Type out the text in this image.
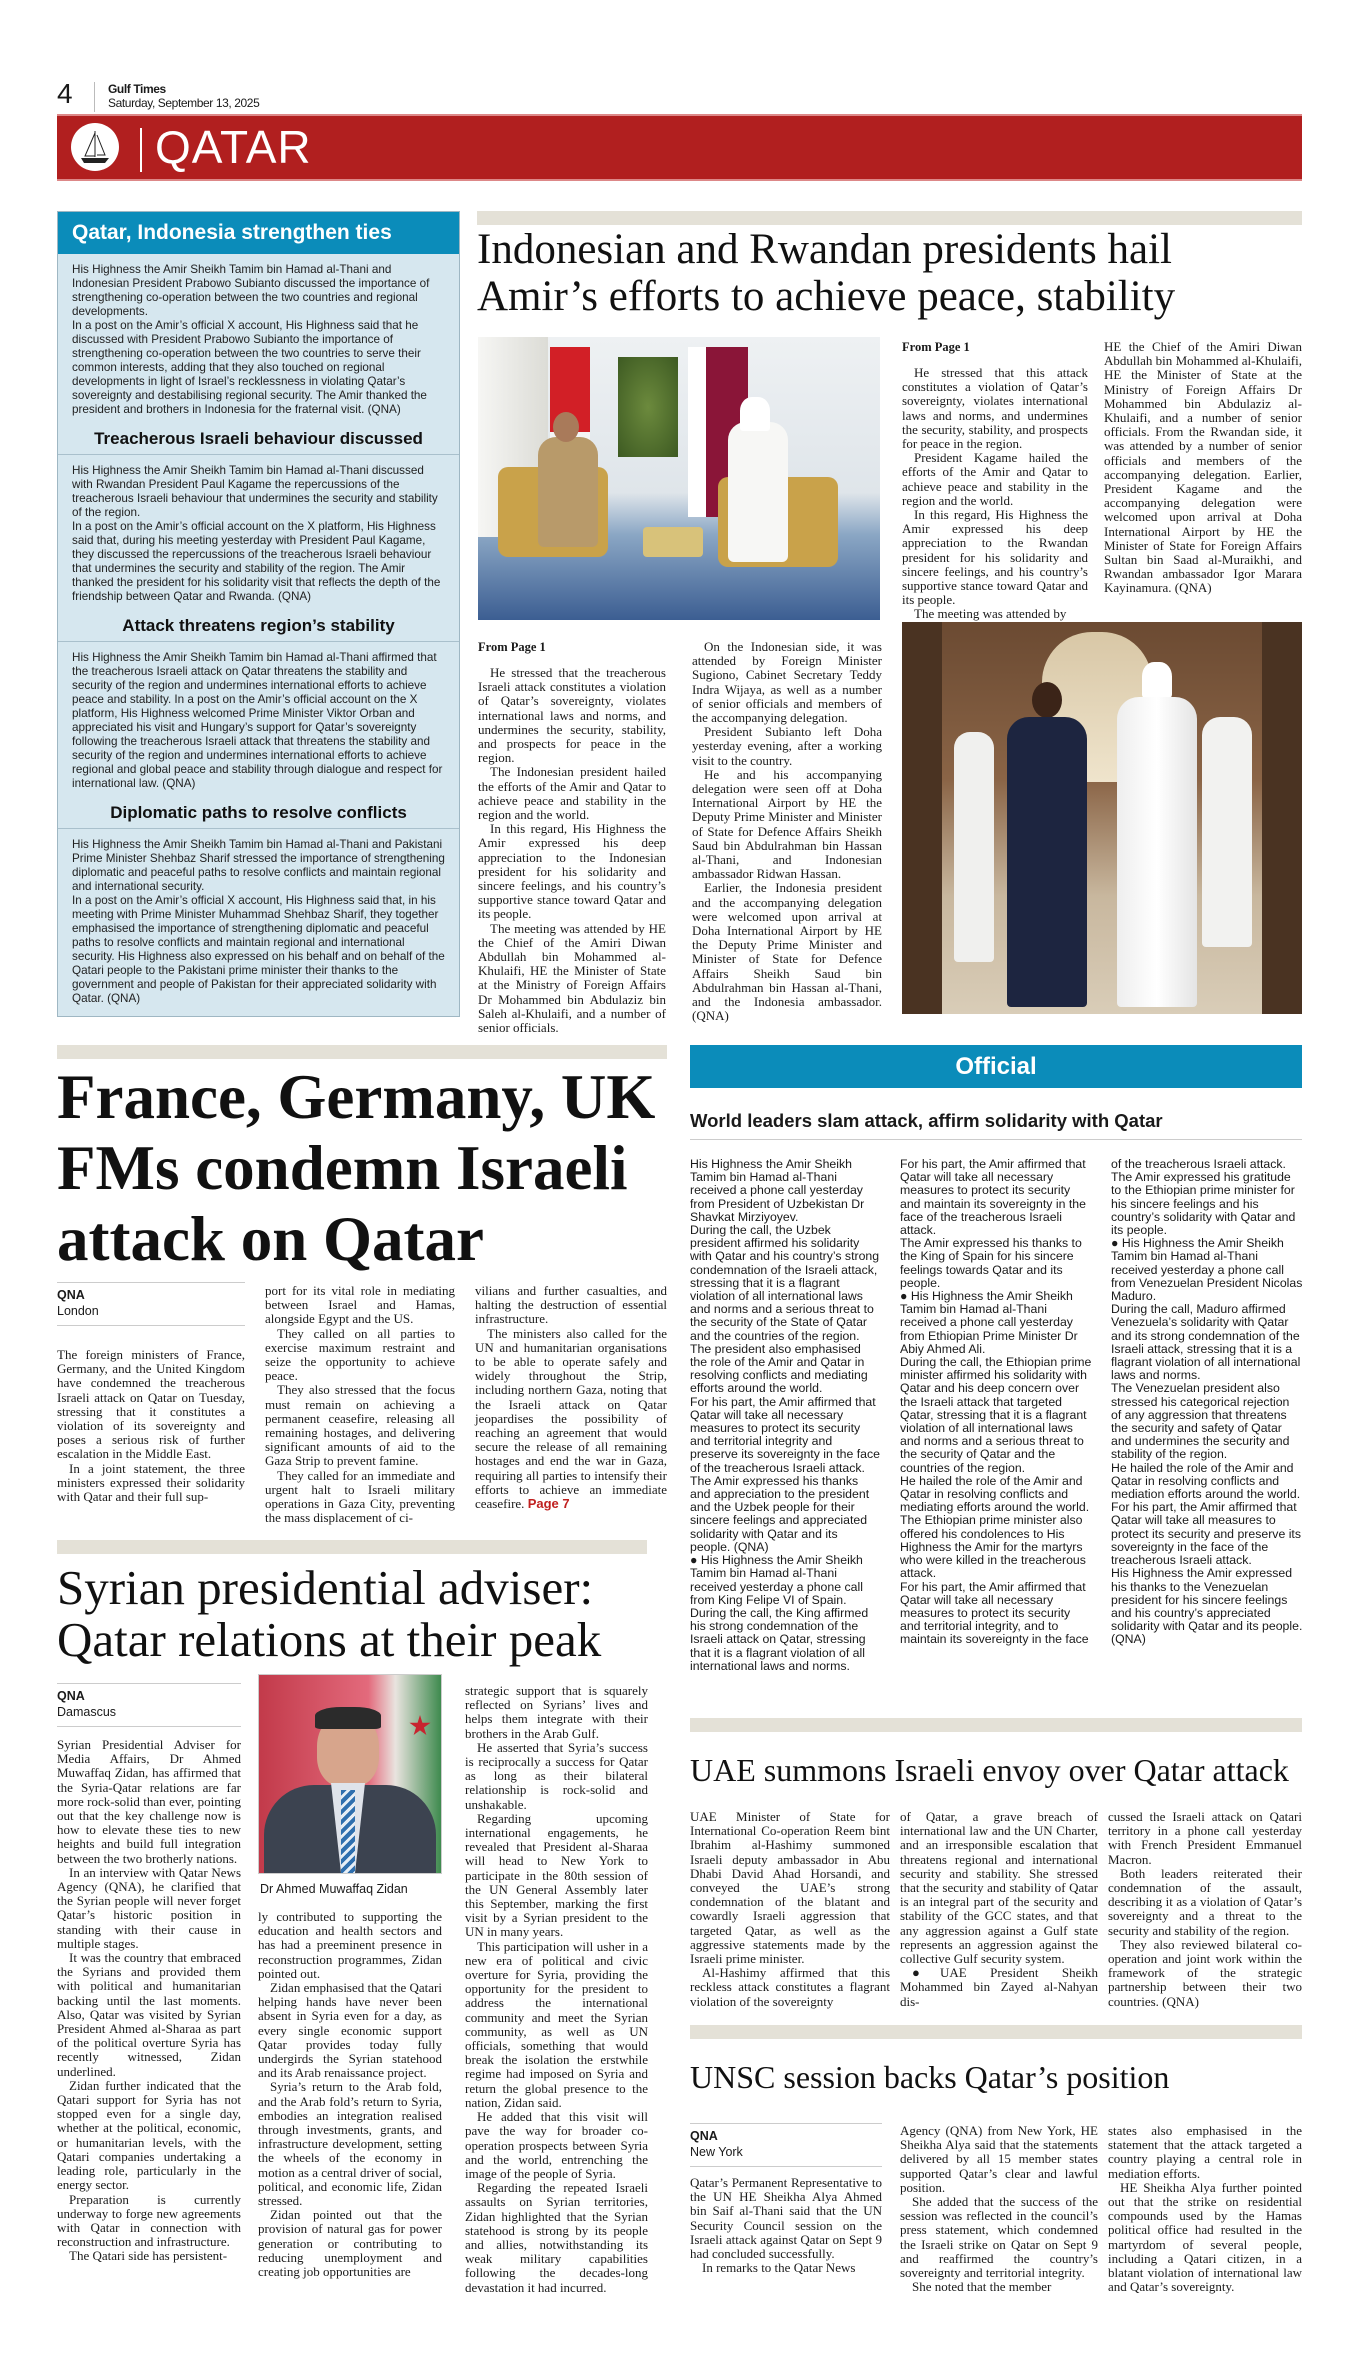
4	Gulf Times
Saturday, September 13, 2025
QATAR
Qatar, Indonesia strengthen ties

His Highness the Amir Sheikh Tamim bin Hamad al-Thani and Indonesian President Prabowo Subianto discussed the importance of strengthening co-operation between the two countries and regional developments.

In a post on the Amir’s official X account, His Highness said that he discussed with President Prabowo Subianto the importance of strengthening co-operation between the two countries to serve their common interests, adding that they also touched on regional developments in light of Israel’s recklessness in violating Qatar’s sovereignty and destabilising regional security. The Amir thanked the president and brothers in Indonesia for the fraternal visit. (QNA)

Treacherous Israeli behaviour discussed

His Highness the Amir Sheikh Tamim bin Hamad al-Thani discussed with Rwandan President Paul Kagame the repercussions of the treacherous Israeli behaviour that undermines the security and stability of the region.

In a post on the Amir’s official account on the X platform, His Highness said that, during his meeting yesterday with President Paul Kagame, they discussed the repercussions of the treacherous Israeli behaviour that undermines the security and stability of the region. The Amir thanked the president for his solidarity visit that reflects the depth of the friendship between Qatar and Rwanda. (QNA)

Attack threatens region’s stability

His Highness the Amir Sheikh Tamim bin Hamad al-Thani affirmed that the treacherous Israeli attack on Qatar threatens the stability and security of the region and undermines international efforts to achieve peace and stability. In a post on the Amir’s official account on the X platform, His Highness welcomed Prime Minister Viktor Orban and appreciated his visit and Hungary’s support for Qatar’s sovereignty following the treacherous Israeli attack that threatens the stability and security of the region and undermines international efforts to achieve regional and global peace and stability through dialogue and respect for international law. (QNA)

Diplomatic paths to resolve conflicts

His Highness the Amir Sheikh Tamim bin Hamad al-Thani and Pakistani Prime Minister Shehbaz Sharif stressed the importance of strengthening diplomatic and peaceful paths to resolve conflicts and maintain regional and international security.

In a post on the Amir’s official X account, His Highness said that, in his meeting with Prime Minister Muhammad Shehbaz Sharif, they together emphasised the importance of strengthening diplomatic and peaceful paths to resolve conflicts and maintain regional and international security. His Highness also expressed on his behalf and on behalf of the Qatari people to the Pakistani prime minister their thanks to the government and people of Pakistan for their appreciated solidarity with Qatar. (QNA)

Indonesian and Rwandan presidents hail
Amir’s efforts to achieve peace, stability
From Page 1

He stressed that the treacherous Israeli attack constitutes a violation of Qatar’s sovereignty, violates international laws and norms, and undermines the security, stability, and prospects for peace in the region.

The Indonesian president hailed the efforts of the Amir and Qatar to achieve peace and stability in the region and the world.

In this regard, His Highness the Amir expressed his deep appreciation to the Indonesian president for his solidarity and sincere feelings, and his country’s supportive stance toward Qatar and its people.

The meeting was attended by HE the Chief of the Amiri Diwan Abdullah bin Mohammed al-Khulaifi, HE the Minister of State at the Ministry of Foreign Affairs Dr Mohammed bin Abdulaziz bin Saleh al-Khulaifi, and a number of senior officials.

On the Indonesian side, it was attended by Foreign Minister Sugiono, Cabinet Secretary Teddy Indra Wijaya, as well as a number of senior officials and members of the accompanying delegation.

President Subianto left Doha yesterday evening, after a working visit to the country.

He and his accompanying delegation were seen off at Doha International Airport by HE the Deputy Prime Minister and Minister of State for Defence Affairs Sheikh Saud bin Abdulrahman bin Hassan al-Thani, and Indonesian ambassador Ridwan Hassan.

Earlier, the Indonesia president and the accompanying delegation were welcomed upon arrival at Doha International Airport by HE the Deputy Prime Minister and Minister of State for Defence Affairs Sheikh Saud bin Abdulrahman bin Hassan al-Thani, and the Indonesia ambassador. (QNA)

From Page 1

He stressed that this attack constitutes a violation of Qatar’s sovereignty, violates international laws and norms, and undermines the security, stability, and prospects for peace in the region.

President Kagame hailed the efforts of the Amir and Qatar to achieve peace and stability in the region and the world.

In this regard, His Highness the Amir expressed his deep appreciation to the Rwandan president for his solidarity and sincere feelings, and his country’s supportive stance toward Qatar and its people.

The meeting was attended by

HE the Chief of the Amiri Diwan Abdullah bin Mohammed al-Khulaifi, HE the Minister of State at the Ministry of Foreign Affairs Dr Mohammed bin Abdulaziz al-Khulaifi, and a number of senior officials. From the Rwandan side, it was attended by a number of senior officials and members of the accompanying delegation. Earlier, President Kagame and the accompanying delegation were welcomed upon arrival at Doha International Airport by HE the Minister of State for Foreign Affairs Sultan bin Saad al-Muraikhi, and Rwandan ambassador Igor Marara Kayinamura. (QNA)

France, Germany, UK
FMs condemn Israeli
attack on Qatar
QNA
London

The foreign ministers of France, Germany, and the United Kingdom have condemned the treacherous Israeli attack on Qatar on Tuesday, stressing that it constitutes a violation of its sovereignty and poses a serious risk of further escalation in the Middle East.

In a joint statement, the three ministers expressed their solidarity with Qatar and their full sup-

port for its vital role in mediating between Israel and Hamas, alongside Egypt and the US.

They called on all parties to exercise maximum restraint and seize the opportunity to achieve peace.

They also stressed that the focus must remain on achieving a permanent ceasefire, releasing all remaining hostages, and delivering significant amounts of aid to the Gaza Strip to prevent famine.

They called for an immediate and urgent halt to Israeli military operations in Gaza City, preventing the mass displacement of ci-

vilians and further casualties, and halting the destruction of essential infrastructure.

The ministers also called for the UN and humanitarian organisations to be able to operate safely and widely throughout the Strip, including northern Gaza, noting that the Israeli attack on Qatar jeopardises the possibility of reaching an agreement that would secure the release of all remaining hostages and end the war in Gaza, requiring all parties to intensify their efforts to achieve an immediate ceasefire. Page 7

Official
World leaders slam attack, affirm solidarity with Qatar

His Highness the Amir Sheikh Tamim bin Hamad al-Thani received a phone call yesterday from President of Uzbekistan Dr Shavkat Mirziyoyev.

During the call, the Uzbek president affirmed his solidarity with Qatar and his country’s strong condemnation of the Israeli attack, stressing that it is a flagrant violation of all international laws and norms and a serious threat to the security of the State of Qatar and the countries of the region.

The president also emphasised the role of the Amir and Qatar in resolving conflicts and mediating efforts around the world.

For his part, the Amir affirmed that Qatar will take all necessary measures to protect its security and territorial integrity and preserve its sovereignty in the face of the treacherous Israeli attack.

The Amir expressed his thanks and appreciation to the president and the Uzbek people for their sincere feelings and appreciated solidarity with Qatar and its people. (QNA)

● His Highness the Amir Sheikh Tamim bin Hamad al-Thani received yesterday a phone call from King Felipe VI of Spain.

During the call, the King affirmed his strong condemnation of the Israeli attack on Qatar, stressing that it is a flagrant violation of all international laws and norms.

For his part, the Amir affirmed that Qatar will take all necessary measures to protect its security and maintain its sovereignty in the face of the treacherous Israeli attack.

The Amir expressed his thanks to the King of Spain for his sincere feelings towards Qatar and its people.

● His Highness the Amir Sheikh Tamim bin Hamad al-Thani received a phone call yesterday from Ethiopian Prime Minister Dr Abiy Ahmed Ali.

During the call, the Ethiopian prime minister affirmed his solidarity with Qatar and his deep concern over the Israeli attack that targeted Qatar, stressing that it is a flagrant violation of all international laws and norms and a serious threat to the security of Qatar and the countries of the region.

He hailed the role of the Amir and Qatar in resolving conflicts and mediating efforts around the world.

The Ethiopian prime minister also offered his condolences to His Highness the Amir for the martyrs who were killed in the treacherous attack.

For his part, the Amir affirmed that Qatar will take all necessary measures to protect its security and territorial integrity, and to maintain its sovereignty in the face

of the treacherous Israeli attack.

The Amir expressed his gratitude to the Ethiopian prime minister for his sincere feelings and his country’s solidarity with Qatar and its people.

● His Highness the Amir Sheikh Tamim bin Hamad al-Thani received yesterday a phone call from Venezuelan President Nicolas Maduro.

During the call, Maduro affirmed Venezuela’s solidarity with Qatar and its strong condemnation of the Israeli attack, stressing that it is a flagrant violation of all international laws and norms.

The Venezuelan president also stressed his categorical rejection of any aggression that threatens the security and safety of Qatar and undermines the security and stability of the region.

He hailed the role of the Amir and Qatar in resolving conflicts and mediation efforts around the world.

For his part, the Amir affirmed that Qatar will take all measures to protect its security and preserve its sovereignty in the face of the treacherous Israeli attack.

His Highness the Amir expressed his thanks to the Venezuelan president for his sincere feelings and his country’s appreciated solidarity with Qatar and its people. (QNA)

Syrian presidential adviser:
Qatar relations at their peak
QNA
Damascus

Syrian Presidential Adviser for Media Affairs, Dr Ahmed Muwaffaq Zidan, has affirmed that the Syria-Qatar relations are far more rock-solid than ever, pointing out that the key challenge now is how to elevate these ties to new heights and build full integration between the two brotherly nations.

In an interview with Qatar News Agency (QNA), he clarified that the Syrian people will never forget Qatar’s historic position in standing with their cause in multiple stages.

It was the country that embraced the Syrians and provided them with political and humanitarian backing until the last moments. Also, Qatar was visited by Syrian President Ahmed al-Sharaa as part of the political overture Syria has recently witnessed, Zidan underlined.

Zidan further indicated that the Qatari support for Syria has not stopped even for a single day, whether at the political, economic, or humanitarian levels, with the Qatari companies undertaking a leading role, particularly in the energy sector.

Preparation is currently underway to forge new agreements with Qatar in connection with reconstruction and infrastructure.

The Qatari side has persistent-

Dr Ahmed Muwaffaq Zidan

ly contributed to supporting the education and health sectors and has had a preeminent presence in reconstruction programmes, Zidan pointed out.

Zidan emphasised that the Qatari helping hands have never been absent in Syria even for a day, as every single economic support Qatar provides today fully undergirds the Syrian statehood and its Arab renaissance project.

Syria’s return to the Arab fold, and the Arab fold’s return to Syria, embodies an integration realised through investments, grants, and infrastructure development, setting the wheels of the economy in motion as a central driver of social, political, and economic life, Zidan stressed.

Zidan pointed out that the provision of natural gas for power generation or contributing to reducing unemployment and creating job opportunities are

strategic support that is squarely reflected on Syrians’ lives and helps them integrate with their brothers in the Arab Gulf.

He asserted that Syria’s success is reciprocally a success for Qatar as long as their bilateral relationship is rock-solid and unshakable.

Regarding upcoming international engagements, he revealed that President al-Sharaa will head to New York to participate in the 80th session of the UN General Assembly later this September, marking the first visit by a Syrian president to the UN in many years.

This participation will usher in a new era of political and civic overture for Syria, providing the opportunity for the president to address the international community and meet the Syrian community, as well as UN officials, something that would break the isolation the erstwhile regime had imposed on Syria and return the global presence to the nation, Zidan said.

He added that this visit will pave the way for broader co-operation prospects between Syria and the world, entrenching the image of the people of Syria.

Regarding the repeated Israeli assaults on Syrian territories, Zidan highlighted that the Syrian statehood is strong by its people and allies, notwithstanding its weak military capabilities following the decades-long devastation it had incurred.

UAE summons Israeli envoy over Qatar attack

UAE Minister of State for International Co-operation Reem bint Ibrahim al-Hashimy summoned Israeli deputy ambassador in Abu Dhabi David Ahad Horsandi, and conveyed the UAE’s strong condemnation of the blatant and cowardly Israeli aggression that targeted Qatar, as well as the aggressive statements made by the Israeli prime minister.

Al-Hashimy affirmed that this reckless attack constitutes a flagrant violation of the sovereignty

of Qatar, a grave breach of international law and the UN Charter, and an irresponsible escalation that threatens regional and international security and stability. She stressed that the security and stability of Qatar is an integral part of the security and stability of the GCC states, and that any aggression against a Gulf state represents an aggression against the collective Gulf security system.

●UAE President Sheikh Mohammed bin Zayed al-Nahyan dis-

cussed the Israeli attack on Qatari territory in a phone call yesterday with French President Emmanuel Macron.

Both leaders reiterated their condemnation of the assault, describing it as a violation of Qatar’s sovereignty and a threat to the security and stability of the region.

They also reviewed bilateral co-operation and joint work within the framework of the strategic partnership between their two countries. (QNA)

UNSC session backs Qatar’s position
QNA
New York

Qatar’s Permanent Representative to the UN HE Sheikha Alya Ahmed bin Saif al-Thani said that the UN Security Council session on the Israeli attack against Qatar on Sept 9 had concluded successfully.

In remarks to the Qatar News

Agency (QNA) from New York, HE Sheikha Alya said that the statements delivered by all 15 member states supported Qatar’s clear and lawful position.

She added that the success of the session was reflected in the council’s press statement, which condemned the Israeli strike on Qatar on Sept 9 and reaffirmed the country’s sovereignty and territorial integrity.

She noted that the member

states also emphasised in the statement that the attack targeted a country playing a central role in mediation efforts.

HE Sheikha Alya further pointed out that the strike on residential compounds used by the Hamas political office had resulted in the martyrdom of several people, including a Qatari citizen, in a blatant violation of international law and Qatar’s sovereignty.
